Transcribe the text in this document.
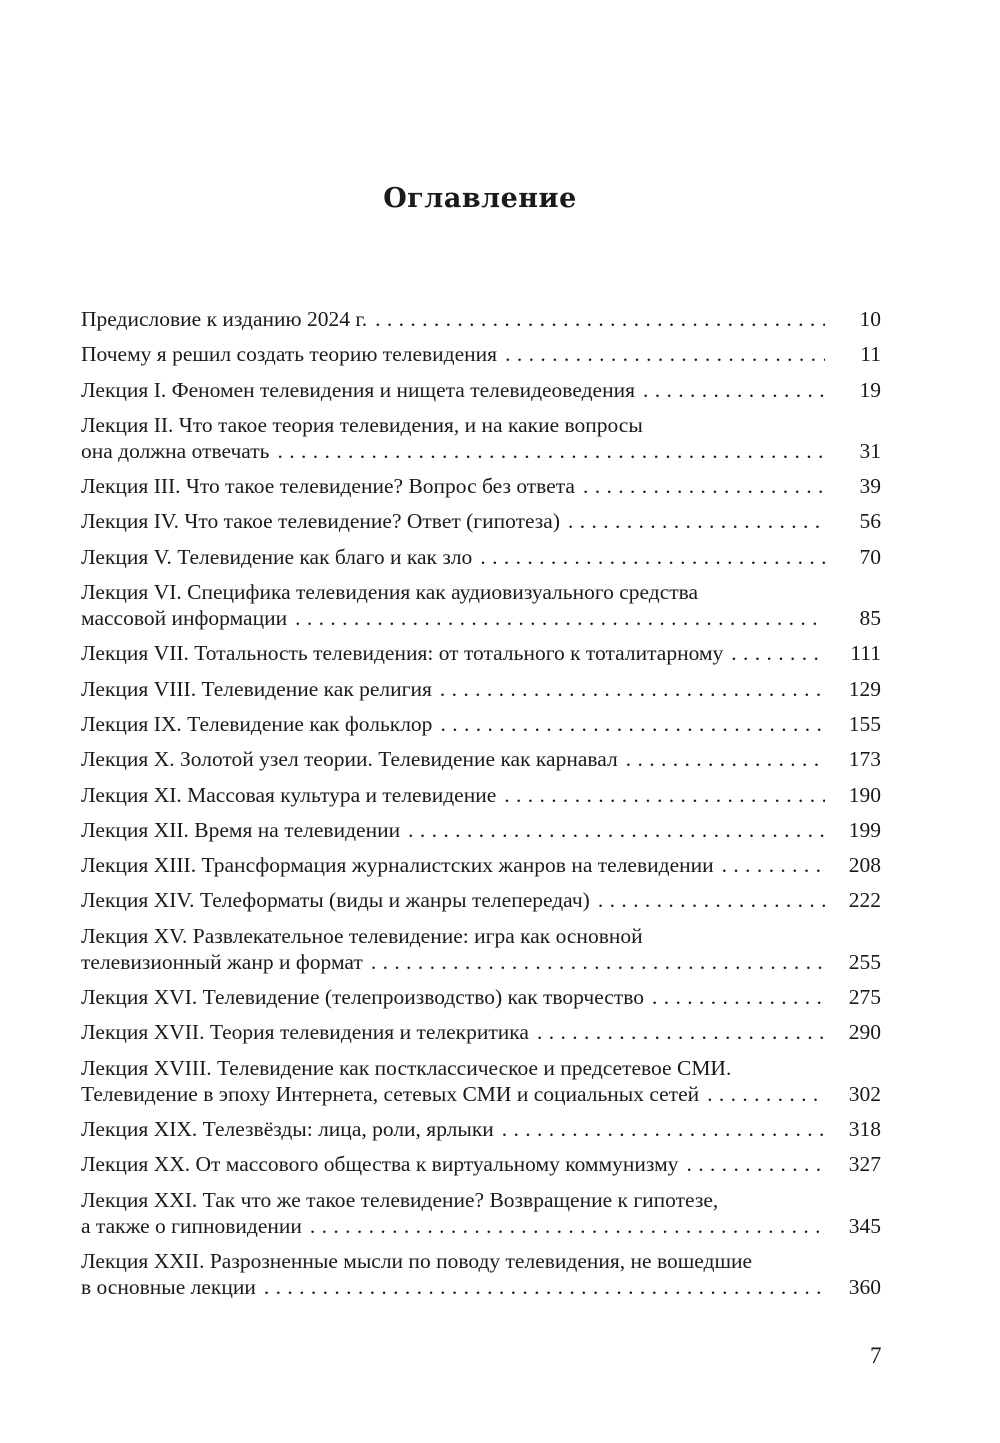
Оглавление
Предисловие к изданию 2024 г. . . .	10
Почему я решил создать теорию телевидения . . .	11
Лекция I. Феномен телевидения и нищета телевидеоведения . . .	19
Лекция II. Что такое теория телевидения, и на какие вопросы
она должна отвечать . . .	31
Лекция III. Что такое телевидение? Вопрос без ответа . . .	39
Лекция IV. Что такое телевидение? Ответ (гипотеза) . . .	56
Лекция V. Телевидение как благо и как зло . . .	70
Лекция VI. Специфика телевидения как аудиовизуального средства
массовой информации . . .	85
Лекция VII. Тотальность телевидения: от тотального к тоталитарному . . .	111
Лекция VIII. Телевидение как религия . . .	129
Лекция IX. Телевидение как фольклор . . .	155
Лекция X. Золотой узел теории. Телевидение как карнавал . . .	173
Лекция XI. Массовая культура и телевидение . . .	190
Лекция XII. Время на телевидении . . .	199
Лекция XIII. Трансформация журналистских жанров на телевидении . . .	208
Лекция XIV. Телеформаты (виды и жанры телепередач) . . .	222
Лекция XV. Развлекательное телевидение: игра как основной
телевизионный жанр и формат . . .	255
Лекция XVI. Телевидение (телепроизводство) как творчество . . .	275
Лекция XVII. Теория телевидения и телекритика . . .	290
Лекция XVIII. Телевидение как постклассическое и предсетевое СМИ.
Телевидение в эпоху Интернета, сетевых СМИ и социальных сетей . . .	302
Лекция XIX. Телезвёзды: лица, роли, ярлыки . . .	318
Лекция XX. От массового общества к виртуальному коммунизму . . .	327
Лекция XXI. Так что же такое телевидение? Возвращение к гипотезе,
а также о гипновидении . . .	345
Лекция XXII. Разрозненные мысли по поводу телевидения, не вошедшие
в основные лекции . . .	360
7
